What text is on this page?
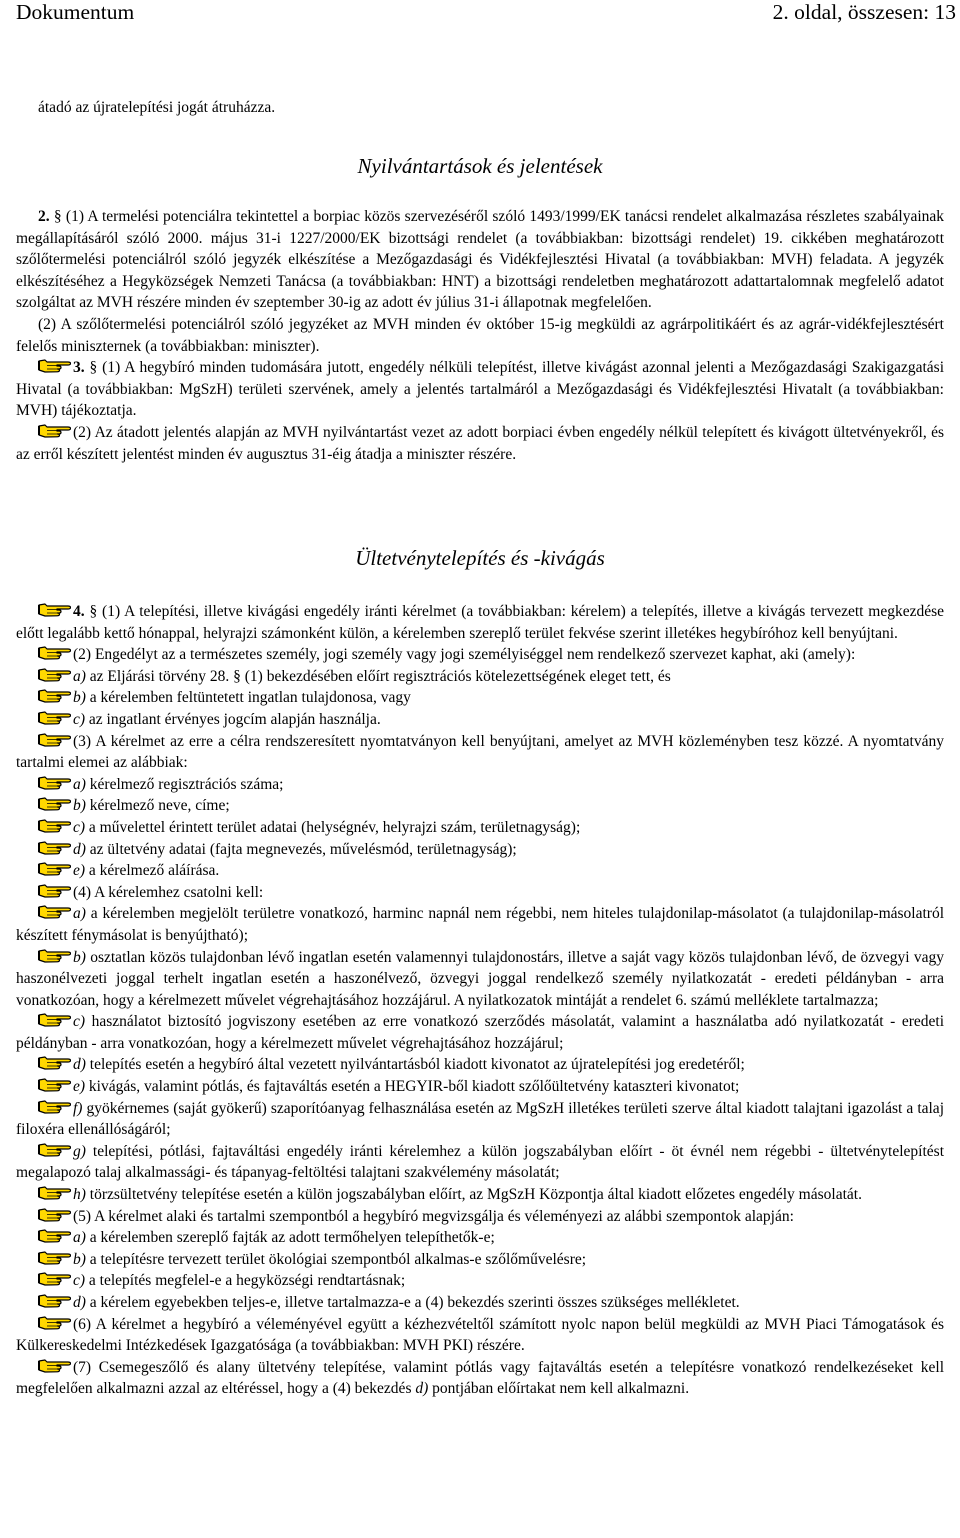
Dokumentum	2. oldal, összesen: 13
átadó az újratelepítési jogát átruházza.
Nyilvántartások és jelentések

2. § (1) A termelési potenciálra tekintettel a borpiac közös szervezéséről szóló 1493/1999/EK tanácsi rendelet alkalmazása részletes szabályainak megállapításáról szóló 2000. május 31-i 1227/2000/EK bizottsági rendelet (a továbbiakban: bizottsági rendelet) 19. cikkében meghatározott szőlőtermelési potenciálról szóló jegyzék elkészítése a Mezőgazdasági és Vidékfejlesztési Hivatal (a továbbiakban: MVH) feladata. A jegyzék elkészítéséhez a Hegyközségek Nemzeti Tanácsa (a továbbiakban: HNT) a bizottsági rendeletben meghatározott adattartalomnak megfelelő adatot szolgáltat az MVH részére minden év szeptember 30-ig az adott év július 31-i állapotnak megfelelően.

(2) A szőlőtermelési potenciálról szóló jegyzéket az MVH minden év október 15-ig megküldi az agrárpolitikáért és az agrár-vidékfejlesztésért felelős miniszternek (a továbbiakban: miniszter).

3. § (1) A hegybíró minden tudomására jutott, engedély nélküli telepítést, illetve kivágást azonnal jelenti a Mezőgazdasági Szakigazgatási Hivatal (a továbbiakban: MgSzH) területi szervének, amely a jelentés tartalmáról a Mezőgazdasági és Vidékfejlesztési Hivatalt (a továbbiakban: MVH) tájékoztatja.

(2) Az átadott jelentés alapján az MVH nyilvántartást vezet az adott borpiaci évben engedély nélkül telepített és kivágott ültetvényekről, és az erről készített jelentést minden év augusztus 31-éig átadja a miniszter részére.

Ültetvénytelepítés és -kivágás

4. § (1) A telepítési, illetve kivágási engedély iránti kérelmet (a továbbiakban: kérelem) a telepítés, illetve a kivágás tervezett megkezdése előtt legalább kettő hónappal, helyrajzi számonként külön, a kérelemben szereplő terület fekvése szerint illetékes hegybíróhoz kell benyújtani.

(2) Engedélyt az a természetes személy, jogi személy vagy jogi személyiséggel nem rendelkező szervezet kaphat, aki (amely):

a) az Eljárási törvény 28. § (1) bekezdésében előírt regisztrációs kötelezettségének eleget tett, és

b) a kérelemben feltüntetett ingatlan tulajdonosa, vagy

c) az ingatlant érvényes jogcím alapján használja.

(3) A kérelmet az erre a célra rendszeresített nyomtatványon kell benyújtani, amelyet az MVH közleményben tesz közzé. A nyomtatvány tartalmi elemei az alábbiak:

a) kérelmező regisztrációs száma;

b) kérelmező neve, címe;

c) a művelettel érintett terület adatai (helységnév, helyrajzi szám, területnagyság);

d) az ültetvény adatai (fajta megnevezés, művelésmód, területnagyság);

e) a kérelmező aláírása.

(4) A kérelemhez csatolni kell:

a) a kérelemben megjelölt területre vonatkozó, harminc napnál nem régebbi, nem hiteles tulajdonilap-másolatot (a tulajdonilap-másolatról készített fénymásolat is benyújtható);

b) osztatlan közös tulajdonban lévő ingatlan esetén valamennyi tulajdonostárs, illetve a saját vagy közös tulajdonban lévő, de özvegyi vagy haszonélvezeti joggal terhelt ingatlan esetén a haszonélvező, özvegyi joggal rendelkező személy nyilatkozatát - eredeti példányban - arra vonatkozóan, hogy a kérelmezett művelet végrehajtásához hozzájárul. A nyilatkozatok mintáját a rendelet 6. számú melléklete tartalmazza;

c) használatot biztosító jogviszony esetében az erre vonatkozó szerződés másolatát, valamint a használatba adó nyilatkozatát - eredeti példányban - arra vonatkozóan, hogy a kérelmezett művelet végrehajtásához hozzájárul;

d) telepítés esetén a hegybíró által vezetett nyilvántartásból kiadott kivonatot az újratelepítési jog eredetéről;

e) kivágás, valamint pótlás, és fajtaváltás esetén a HEGYIR-ből kiadott szőlőültetvény kataszteri kivonatot;

f) gyökérnemes (saját gyökerű) szaporítóanyag felhasználása esetén az MgSzH illetékes területi szerve által kiadott talajtani igazolást a talaj filoxéra ellenállóságáról;

g) telepítési, pótlási, fajtaváltási engedély iránti kérelemhez a külön jogszabályban előírt - öt évnél nem régebbi - ültetvénytelepítést megalapozó talaj alkalmassági- és tápanyag-feltöltési talajtani szakvélemény másolatát;

h) törzsültetvény telepítése esetén a külön jogszabályban előírt, az MgSzH Központja által kiadott előzetes engedély másolatát.

(5) A kérelmet alaki és tartalmi szempontból a hegybíró megvizsgálja és véleményezi az alábbi szempontok alapján:

a) a kérelemben szereplő fajták az adott termőhelyen telepíthetők-e;

b) a telepítésre tervezett terület ökológiai szempontból alkalmas-e szőlőművelésre;

c) a telepítés megfelel-e a hegyközségi rendtartásnak;

d) a kérelem egyebekben teljes-e, illetve tartalmazza-e a (4) bekezdés szerinti összes szükséges mellékletet.

(6) A kérelmet a hegybíró a véleményével együtt a kézhezvételtől számított nyolc napon belül megküldi az MVH Piaci Támogatások és Külkereskedelmi Intézkedések Igazgatósága (a továbbiakban: MVH PKI) részére.

(7) Csemegeszőlő és alany ültetvény telepítése, valamint pótlás vagy fajtaváltás esetén a telepítésre vonatkozó rendelkezéseket kell megfelelően alkalmazni azzal az eltéréssel, hogy a (4) bekezdés d) pontjában előírtakat nem kell alkalmazni.
